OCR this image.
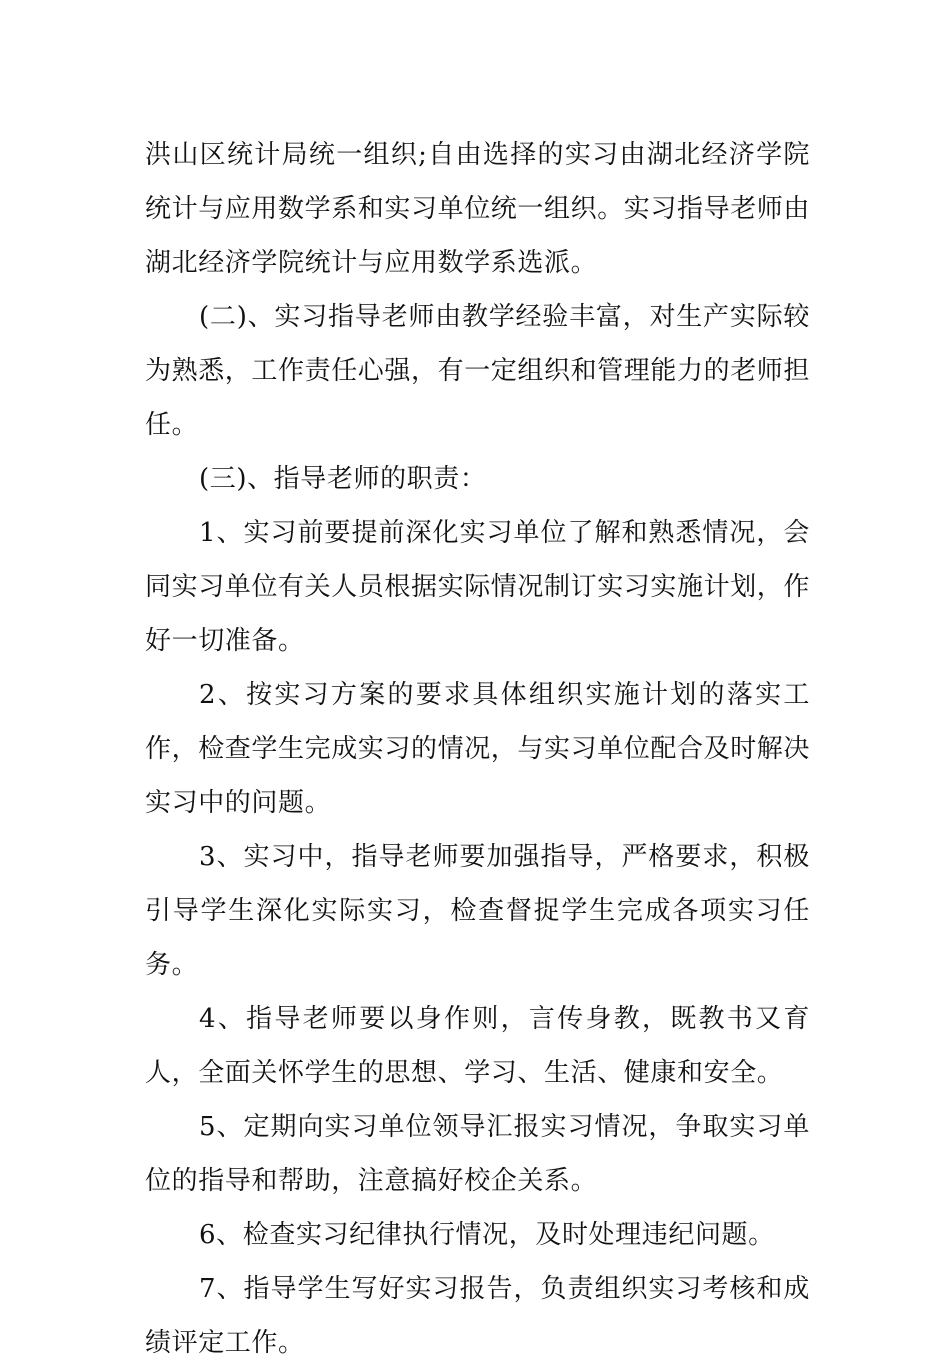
洪山区统计局统一组织;自由选择的实习由湖北经济学院统计与应用数学系和实习单位统一组织。实习指导老师由湖北经济学院统计与应用数学系选派。

(二)、实习指导老师由教学经验丰富，对生产实际较为熟悉，工作责任心强，有一定组织和管理能力的老师担任。

(三)、指导老师的职责：

1、实习前要提前深化实习单位了解和熟悉情况，会同实习单位有关人员根据实际情况制订实习实施计划，作好一切准备。

2、按实习方案的要求具体组织实施计划的落实工作，检查学生完成实习的情况，与实习单位配合及时解决实习中的问题。

3、实习中，指导老师要加强指导，严格要求，积极引导学生深化实际实习，检查督捉学生完成各项实习任务。

4、指导老师要以身作则，言传身教，既教书又育人，全面关怀学生的思想、学习、生活、健康和安全。

5、定期向实习单位领导汇报实习情况，争取实习单位的指导和帮助，注意搞好校企关系。

6、检查实习纪律执行情况，及时处理违纪问题。

7、指导学生写好实习报告，负责组织实习考核和成绩评定工作。
